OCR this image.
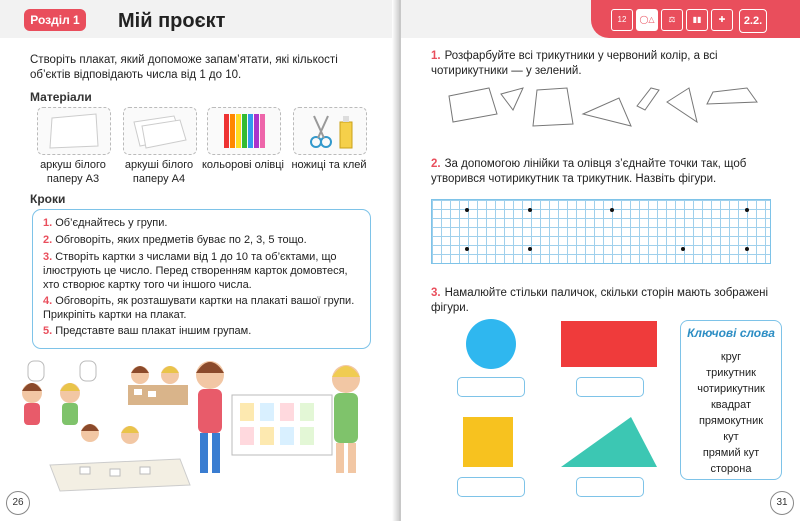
Розділ 1	Мій проєкт
Створіть плакат, який допоможе запам’ятати, які кількості об’єктів відповідають числа від 1 до 10.
Матеріали
аркуш білого паперу А3
аркуші білого паперу А4
кольорові олівці ножиці та клей
Кроки
1. Об’єднайтесь у групи.
2. Обговоріть, яких предметів буває по 2, 3, 5 тощо.
3. Створіть картки з числами від 1 до 10 та об’єктами, що ілюструють це число. Перед створенням карток домовтеся, хто створює картку того чи іншого числа.
4. Обговоріть, як розташувати картки на плакаті вашої групи. Прикріпіть картки на плакат.
5. Представте ваш плакат іншим групам.
26
12	◯△	⚖	▮▮	✚	2.2.
1. Розфарбуйте всі трикутники у червоний колір, а всі чотирикутники — у зелений.
2. За допомогою лінійки та олівця з’єднайте точки так, щоб утворився чотирикутник та трикутник. Назвіть фігури.
3. Намалюйте стільки паличок, скільки сторін мають зображені фігури.
Ключові слова
круг
трикутник
чотирикутник
квадрат
прямокутник
кут
прямий кут
сторона
31
